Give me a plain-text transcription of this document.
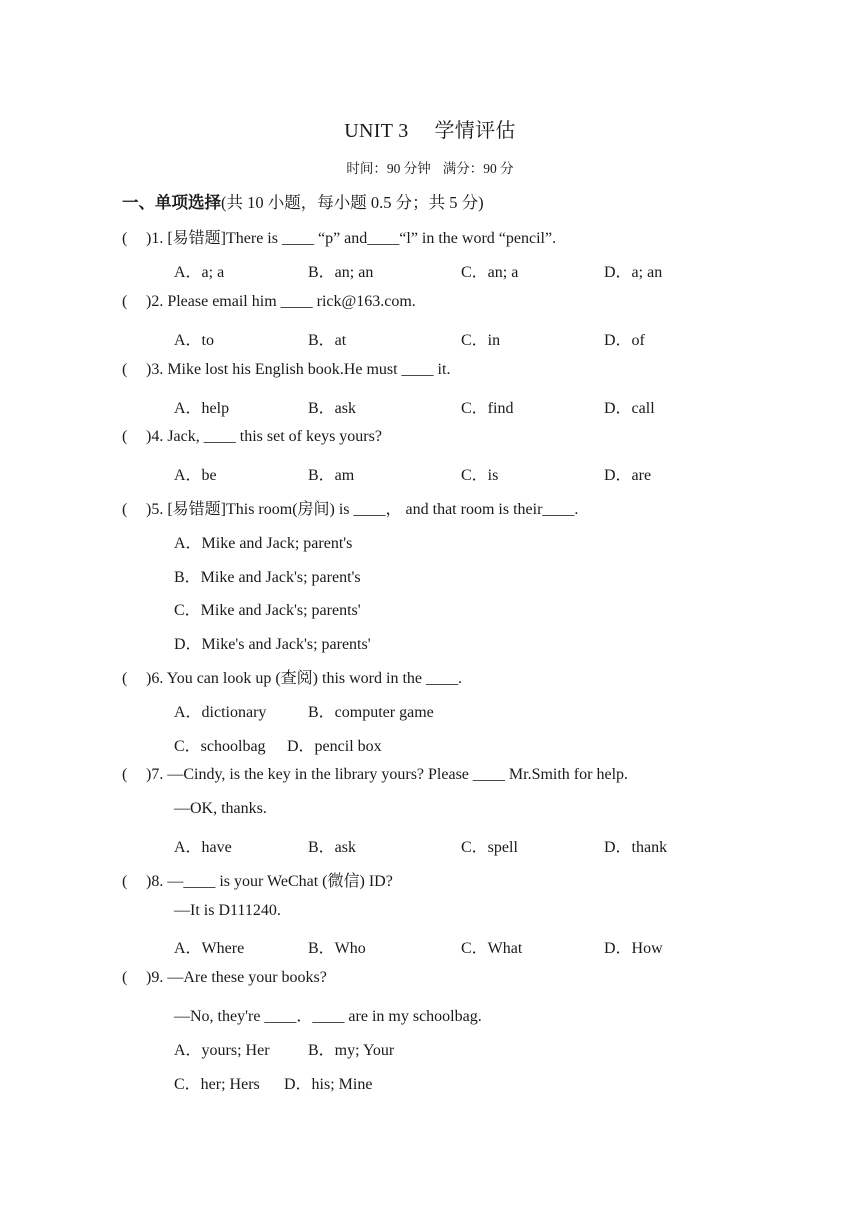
UNIT 3 学情评估
时间：90 分钟 满分：90 分
一、单项选择(共 10 小题，每小题 0.5 分；共 5 分)
( )1. [易错题]There is ____ “p” and____“l” in the word “pencil”.
A．a; a	B．an; an	C．an; a	D．a; an
( )2. Please email him ____ rick@163.com.
A．to	B．at	C．in	D．of
( )3. Mike lost his English book.He must ____ it.
A．help	B．ask	C．find	D．call
( )4. Jack, ____ this set of keys yours?
A．be	B．am	C．is	D．are
( )5. [易错题]This room(房间) is ____， and that room is their____.
A．Mike and Jack; parent's
B．Mike and Jack's; parent's
C．Mike and Jack's; parents'
D．Mike's and Jack's; parents'
( )6. You can look up (查阅) this word in the ____.
A．dictionary	B．computer game
C．schoolbag D．pencil box
( )7. —Cindy, is the key in the library yours? Please ____ Mr.Smith for help.
—OK, thanks.
A．have	B．ask	C．spell	D．thank
( )8. —____ is your WeChat (微信) ID?
—It is D111240.
A．Where	B．Who	C．What	D．How
( )9. —Are these your books?
—No, they're ____．____ are in my schoolbag.
A．yours; Her B．my; Your
C．her; Hers D．his; Mine
